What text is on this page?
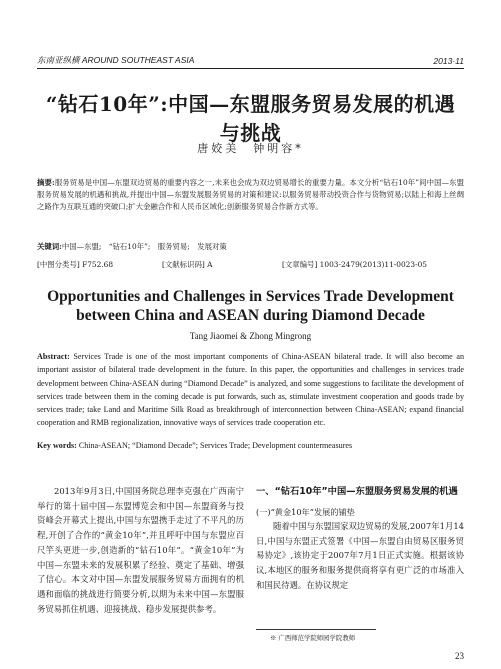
东南亚纵横 AROUND SOUTHEAST ASIA	2013·11
“钻石10年”:中国—东盟服务贸易发展的机遇与挑战
唐姣美　钟明容*
摘要:服务贸易是中国—东盟双边贸易的重要内容之一,未来也会成为双边贸易增长的重要力量。本文分析“钻石10年”间中国—东盟服务贸易发展的机遇和挑战,并提出中国—东盟发展服务贸易的对策和建议:以服务贸易带动投资合作与货物贸易;以陆上和海上丝绸之路作为互联互通的突破口;扩大金融合作和人民币区域化;创新服务贸易合作新方式等。
关键词:中国—东盟;　“钻石10年”;　服务贸易;　发展对策
[中图分类号] F752.68	[文献标识码] A	[文章编号] 1003-2479(2013)11-0023-05
Opportunities and Challenges in Services Trade Development between China and ASEAN during Diamond Decade
Tang Jiaomei & Zhong Mingrong
Abstract: Services Trade is one of the most important components of China-ASEAN bilateral trade. It will also become an important assistor of bilateral trade development in the future. In this paper, the opportunities and challenges in services trade development between China-ASEAN during “Diamond Decade” is analyzed, and some suggestions to facilitate the development of services trade between them in the coming decade is put forwards, such as, stimulate investment cooperation and goods trade by services trade; take Land and Maritime Silk Road as breakthrough of interconnection between China-ASEAN; expand financial cooperation and RMB regionalization, innovative ways of services trade cooperation etc.
Key words: China-ASEAN; “Diamond Decade”; Services Trade; Development countermeasures
2013年9月3日,中国国务院总理李克强在广西南宁举行的第十届中国—东盟博览会和中国—东盟商务与投资峰会开幕式上提出,中国与东盟携手走过了不平凡的历程,开创了合作的“黄金10年”,并且呼吁中国与东盟应百尺竿头更进一步,创造新的“钻石10年”。“黄金10年”为中国—东盟未来的发展积累了经验、奠定了基础、增强了信心。本文对中国—东盟发展服务贸易方面拥有的机遇和面临的挑战进行简要分析,以期为未来中国—东盟服务贸易抓住机遇、迎接挑战、稳步发展提供参考。
一、“钻石10年”中国—东盟服务贸易发展的机遇
(一)“黄金10年”发展的铺垫

随着中国与东盟国家双边贸易的发展,2007年1月14日,中国与东盟正式签署《中国—东盟自由贸易区服务贸易协定》,该协定于2007年7月1日正式实施。根据该协议,本地区的服务和服务提供商将享有更广泛的市场准入和国民待遇。在协议规定

※ 广西师范学院师园学院教师
23
